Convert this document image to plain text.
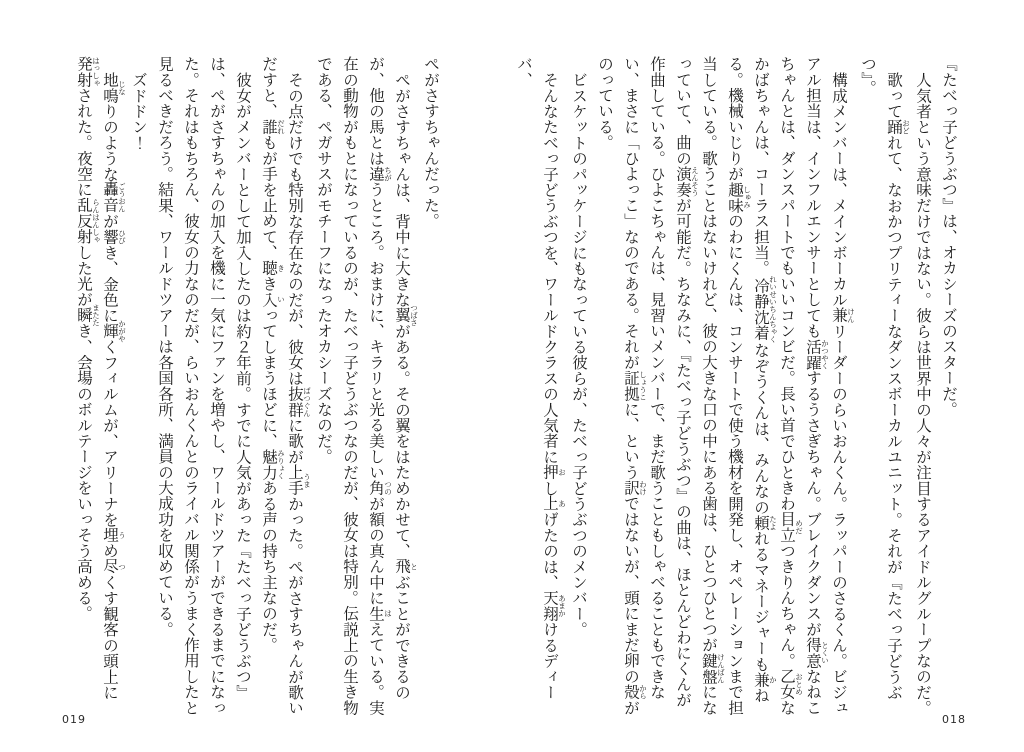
『たべっ子どうぶつ』は、オカシーズのスターだ。

人気者という意味だけではない。彼らは世界中の人々が注目するアイドルグループなのだ。

歌って踊おどれて、なおかつプリティーなダンスボーカルユニット。それが『たべっ子どうぶつ』。

構成メンバーは、メインボーカル兼けんリーダーのらいおんくん。ラッパーのさるくん。ビジュアル担当は、インフルエンサーとしても活躍かつやくするうさぎちゃん。ブレイクダンスが得意とくいなねこちゃんとは、ダンスパートでもいいコンビだ。長い首でひときわ目立めだつきりんちゃん。乙女おとめなかばちゃんは、コーラス担当。冷静沈着れいせいちんちゃくなぞうくんは、みんなの頼たよれるマネージャーも兼かねる。機械いじりが趣味しゅみのわにくんは、コンサートで使う機材を開発し、オペレーションまで担当している。歌うことはないけれど、彼の大きな口の中にある歯は、ひとつひとつが鍵盤けんばんになっていて、曲の演奏えんそうが可能だ。ちなみに、『たべっ子どうぶつ』の曲は、ほとんどわにくんが作曲している。ひよこちゃんは、見習いメンバーで、まだ歌うこともしゃべることもできない、まさに「ひよっこ」なのである。それが証拠しょうこに、という訳わけではないが、頭にまだ卵の殻からがのっている。

ビスケットのパッケージにもなっている彼らが、たべっ子どうぶつのメンバー。

そんなたべっ子どうぶつを、ワールドクラスの人気者に押おし上あげたのは、天翔あまかけるディーバ、

018

ぺがさすちゃんだった。

ぺがさすちゃんは、背中に大きな翼つばさがある。その翼をはためかせて、飛とぶことができるのが、他の馬とは違ちがうところ。おまけに、キラリと光る美しい角つのが額の真ん中に生はえている。実在の動物がもとになっているのが、たべっ子どうぶつなのだが、彼女は特別。伝説上の生き物である、ペガサスがモチーフになったオカシーズなのだ。

その点だけでも特別な存在なのだが、彼女は抜群ばつぐんに歌が上手うまかった。ぺがさすちゃんが歌いだすと、誰だれもが手を止めて、聴きき入いってしまうほどに、魅力みりょくある声の持ち主なのだ。

彼女がメンバーとして加入したのは約２年前。すでに人気があった『たべっ子どうぶつ』は、ぺがさすちゃんの加入を機に一気にファンを増やし、ワールドツアーができるまでになった。それはもちろん、彼女の力なのだが、らいおんくんとのライバル関係がうまく作用したと見るべきだろう。結果、ワールドツアーは各国各所、満員の大成功を収めている。

ズドドン！

地鳴じなりのような轟音ごうおんが響ひびき、金色に輝かがやくフィルムが、アリーナを埋うめ尽つくす観客の頭上に発射はっしゃされた。夜空に乱反射らんはんしゃした光が瞬またたき、会場のボルテージをいっそう高める。

019
